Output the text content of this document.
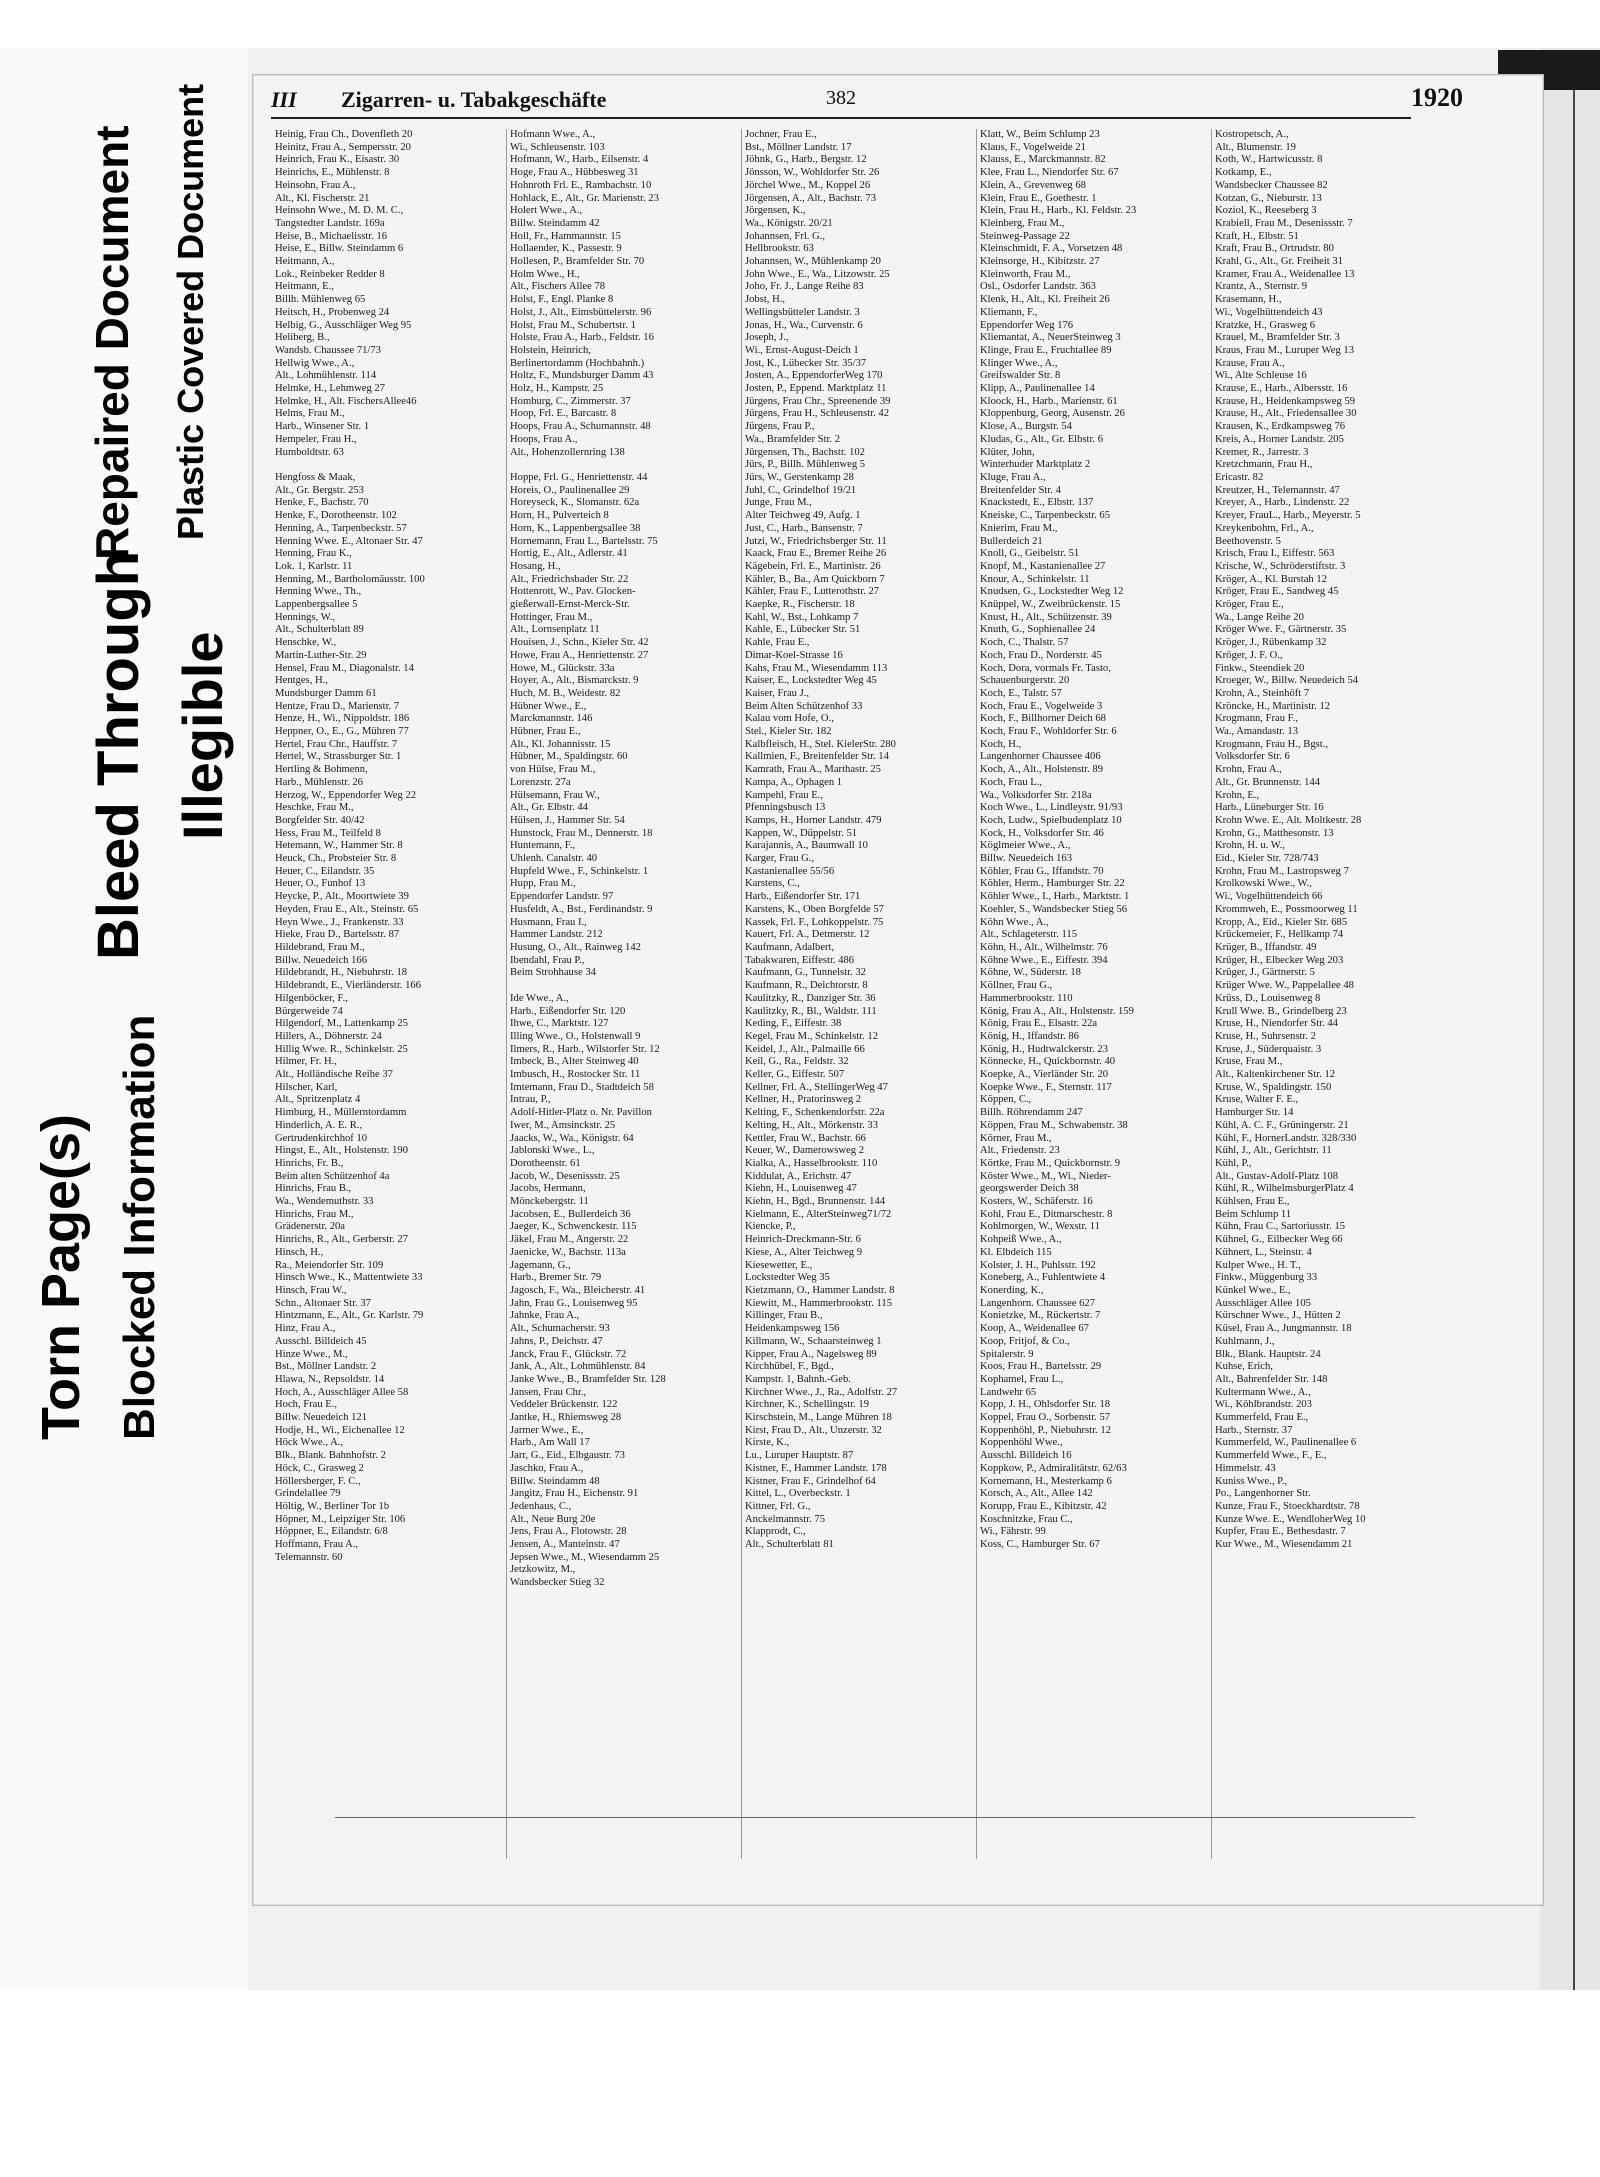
Torn Page(s) Blocked Information
Bleed Through Illegible
Repaired Document Plastic Covered Document	III Zigarren- u. Tabakgeschäfte	382	1920
Heinig, Frau Ch., Dovenfleth 20
Heinitz, Frau A., Sempersstr. 20
Heinrich, Frau K., Eisastr. 30
Heinrichs, E., Mühlenstr. 8
Heinsohn, Frau A.,
Alt., Kl. Fischerstr. 21
Heinsohn Wwe., M. D. M. C.,
Tangstedter Landstr. 169a
Heise, B., Michaelisstr. 16
Heise, E., Billw. Steindamm 6
Heitmann, A.,
Lok., Reinbeker Redder 8
Heitmann, E.,
Billh. Mühlenweg 65
Heitsch, H., Probenweg 24
Helbig, G., Ausschläger Weg 95
Heliberg, B.,
Wandsb. Chaussee 71/73
Hellwig Wwe., A.,
Alt., Lohmühlenstr. 114
Helmke, H., Lehmweg 27
Helmke, H., Alt. FischersAllee46
Helms, Frau M.,
Harb., Winsener Str. 1
Hempeler, Frau H.,
Humboldtstr. 63

Hengfoss & Maak,
Alt., Gr. Bergstr. 253
Henke, F., Bachstr. 70
Henke, F., Dorotheenstr. 102
Henning, A., Tarpenbeckstr. 57
Henning Wwe. E., Altonaer Str. 47
Henning, Frau K.,
Lok. 1, Karlstr. 11
Henning, M., Bartholomäusstr. 100
Henning Wwe., Th.,
Lappenbergsallee 5
Hennings, W.,
Alt., Schulterblatt 89
Henschke, W.,
Martin-Luther-Str. 29
Hensel, Frau M., Diagonalstr. 14
Hentges, H.,
Mundsburger Damm 61
Hentze, Frau D., Marienstr. 7
Henze, H., Wi., Nippoldstr. 186
Heppner, O., E., G., Mühren 77
Hertel, Frau Chr., Hauffstr. 7
Hertel, W., Strassburger Str. 1
Hertling & Bohmenn,
Harb., Mühlenstr. 26
Herzog, W., Eppendorfer Weg 22
Heschke, Frau M.,
Borgfelder Str. 40/42
Hess, Frau M., Teilfeld 8
Hetemann, W., Hammer Str. 8
Heuck, Ch., Probsteier Str. 8
Heuer, C., Eilandstr. 35
Heuer, O., Funhof 13
Heycke, P., Alt., Moortwiete 39
Heyden, Frau E., Alt., Steinstr. 65
Heyn Wwe., J., Frankenstr. 33
Hieke, Frau D., Bartelsstr. 87
Hildebrand, Frau M.,
Billw. Neuedeich 166
Hildebrandt, H., Niebuhrstr. 18
Hildebrandt, E., Vierländerstr. 166
Hilgenböcker, F.,
Bürgerweide 74
Hilgendorf, M., Lattenkamp 25
Hillers, A., Döhnerstr. 24
Hillig Wwe. R., Schinkelstr. 25
Hilmer, Fr. H.,
Alt., Holländische Reihe 37
Hilscher, Karl,
Alt., Spritzenplatz 4
Himburg, H., Müllerntordamm
Hinderlich, A. E. R.,
Gertrudenkirchhof 10
Hingst, E., Alt., Holstenstr. 190
Hinrichs, Fr. B.,
Beim alten Schützenhof 4a
Hinrichs, Frau B.,
Wa., Wendemuthstr. 33
Hinrichs, Frau M.,
Grädenerstr. 20a
Hinrichs, R., Alt., Gerberstr. 27
Hinsch, H.,
Ra., Meiendorfer Str. 109
Hinsch Wwe., K., Mattentwiete 33
Hinsch, Frau W.,
Schn., Altonaer Str. 37
Hintzmann, E., Alt., Gr. Karlstr. 79
Hinz, Frau A.,
Ausschl. Billdeich 45
Hinze Wwe., M.,
Bst., Möllner Landstr. 2
Hlawa, N., Repsoldstr. 14
Hoch, A., Ausschläger Allee 58
Hoch, Frau E.,
Billw. Neuedeich 121
Hodje, H., Wi., Eichenallee 12
Höck Wwe., A.,
Blk., Blank. Bahnhofstr. 2
Höck, C., Grasweg 2
Höllersberger, F. C.,
Grindelallee 79
Höltig, W., Berliner Tor 1b
Höpner, M., Leipziger Str. 106
Höppner, E., Eilandstr. 6/8
Hoffmann, Frau A.,
Telemannstr. 60
Hofmann Wwe., A.,
Wi., Schleusenstr. 103
Hofmann, W., Harb., Eilsenstr. 4
Hoge, Frau A., Hübbesweg 31
Hohnroth Frl. E., Rambachstr. 10
Hohlack, E., Alt., Gr. Marienstr. 23
Holert Wwe., A.,
Billw. Steindamm 42
Holl, Fr., Hammannstr. 15
Hollaender, K., Passestr. 9
Hollesen, P., Bramfelder Str. 70
Holm Wwe., H.,
Alt., Fischers Allee 78
Holst, F., Engl. Planke 8
Holst, J., Alt., Eimsbüttelerstr. 96
Holst, Frau M., Schubertstr. 1
Holste, Frau A., Harb., Feldstr. 16
Holstein, Heinrich,
Berlinertordamm (Hochbahnh.)
Holtz, F., Mundsburger Damm 43
Holz, H., Kampstr. 25
Homburg, C., Zimmerstr. 37
Hoop, Frl. E., Barcastr. 8
Hoops, Frau A., Schumannstr. 48
Hoops, Frau A.,
Alt., Hohenzollernring 138

Hoppe, Frl. G., Henriettenstr. 44
Horeis, O., Paulinenallee 29
Horeyseck, K., Slomanstr. 62a
Horn, H., Pulverteich 8
Horn, K., Lappenbergsallee 38
Hornemann, Frau L., Bartelsstr. 75
Hortig, E., Alt., Adlerstr. 41
Hosang, H.,
Alt., Friedrichsbader Str. 22
Hottenrott, W., Pav. Glocken-
gießerwall-Ernst-Merck-Str.
Hottinger, Frau M.,
Alt., Lornsenplatz 11
Houisen, J., Schn., Kieler Str. 42
Howe, Frau A., Henriettenstr. 27
Howe, M., Glückstr. 33a
Hoyer, A., Alt., Bismarckstr. 9
Huch, M. B., Weidestr. 82
Hübner Wwe., E.,
Marckmannstr. 146
Hübner, Frau E.,
Alt., Kl. Johannisstr. 15
Hübner, M., Spaldingstr. 60
von Hülse, Frau M.,
Lorenzstr. 27a
Hülsemann, Frau W.,
Alt., Gr. Elbstr. 44
Hülsen, J., Hammer Str. 54
Hunstock, Frau M., Dennerstr. 18
Huntemann, F.,
Uhlenh. Canalstr. 40
Hupfeld Wwe., F., Schinkelstr. 1
Hupp, Frau M.,
Eppendorfer Landstr. 97
Husfeldt, A., Bst., Ferdinandstr. 9
Husmann, Frau I.,
Hammer Landstr. 212
Husung, O., Alt., Rainweg 142
Ibendahl, Frau P.,
Beim Strohhause 34

Ide Wwe., A.,
Harb., Eißendorfer Str. 120
Ihwe, C., Marktstr. 127
Illing Wwe., O., Holstenwall 9
Ilmers, R., Harb., Wilstorfer Str. 12
Imbeck, B., Alter Steinweg 40
Imbusch, H., Rostocker Str. 11
Imtemann, Frau D., Stadtdeich 58
Intrau, P.,
Adolf-Hitler-Platz o. Nr. Pavillon
Iwer, M., Amsinckstr. 25
Jaacks, W., Wa., Königstr. 64
Jablonski Wwe., L.,
Dorotheenstr. 61
Jacob, W., Desenissstr. 25
Jacobs, Hermann,
Mönckebergstr. 11
Jacobsen, E., Bullerdeich 36
Jaeger, K., Schwenckestr. 115
Jäkel, Frau M., Angerstr. 22
Jaenicke, W., Bachstr. 113a
Jagemann, G.,
Harb., Bremer Str. 79
Jagosch, F., Wa., Bleicherstr. 41
Jahn, Frau G., Louisenweg 95
Jahnke, Frau A.,
Alt., Schumacherstr. 93
Jahns, P., Deichstr. 47
Janck, Frau F., Glückstr. 72
Jank, A., Alt., Lohmühlenstr. 84
Janke Wwe., B., Bramfelder Str. 128
Jansen, Frau Chr.,
Veddeler Brückenstr. 122
Jantke, H., Rhiemsweg 28
Jarmer Wwe., E.,
Harb., Am Wall 17
Jarr, G., Eid., Elbgaustr. 73
Jaschko, Frau A.,
Billw. Steindamm 48
Jangitz, Frau H., Eichenstr. 91
Jedenhaus, C.,
Alt., Neue Burg 20e
Jens, Frau A., Flotowstr. 28
Jensen, A., Manteinstr. 47
Jepsen Wwe., M., Wiesendamm 25
Jetzkowitz, M.,
Wandsbecker Stieg 32
Jochner, Frau E.,
Bst., Möllner Landstr. 17
Jöhnk, G., Harb., Bergstr. 12
Jönsson, W., Wohldorfer Str. 26
Jörchel Wwe., M., Koppel 26
Jörgensen, A., Alt., Bachstr. 73
Jörgensen, K.,
Wa., Königstr. 20/21
Johannsen, Frl. G.,
Hellbrookstr. 63
Johannsen, W., Mühlenkamp 20
John Wwe., E., Wa., Litzowstr. 25
Joho, Fr. J., Lange Reihe 83
Jobst, H.,
Wellingsbütteler Landstr. 3
Jonas, H., Wa., Curvenstr. 6
Joseph, J.,
Wi., Ernst-August-Deich 1
Jost, K., Lübecker Str. 35/37
Josten, A., EppendorferWeg 170
Josten, P., Eppend. Marktplatz 11
Jürgens, Frau Chr., Spreenende 39
Jürgens, Frau H., Schleusenstr. 42
Jürgens, Frau P.,
Wa., Bramfelder Str. 2
Jürgensen, Th., Bachstr. 102
Jürs, P., Billh. Mühlenweg 5
Jürs, W., Gerstenkamp 28
Juhl, C., Grindelhof 19/21
Junge, Frau M.,
Alter Teichweg 49, Aufg. 1
Just, C., Harb., Bansenstr. 7
Jutzi, W., Friedrichsberger Str. 11
Kaack, Frau E., Bremer Reihe 26
Kägebein, Frl. E., Martinistr. 26
Kähler, B., Ba., Am Quickborn 7
Kähler, Frau F., Lutterothstr. 27
Kaepke, R., Fischerstr. 18
Kahl, W., Bst., Lohkamp 7
Kahle, E., Lübecker Str. 51
Kahle, Frau E.,
Dimar-Koel-Strasse 16
Kahs, Frau M., Wiesendamm 113
Kaiser, E., Lockstedter Weg 45
Kaiser, Frau J.,
Beim Alten Schützenhof 33
Kalau vom Hofe, O.,
Stel., Kieler Str. 182
Kalbfleisch, H., Stel. KielerStr. 280
Kallmien, F., Breitenfelder Str. 14
Kamrath, Frau A., Marthastr. 25
Kampa, A., Ophagen 1
Kampehl, Frau E.,
Pfenningsbusch 13
Kamps, H., Horner Landstr. 479
Kappen, W., Düppelstr. 51
Karajannis, A., Baumwall 10
Karger, Frau G.,
Kastanienallee 55/56
Karstens, C.,
Harb., Eißendorfer Str. 171
Karstens, K., Oben Borgfelde 57
Kassek, Frl. F., Lohkoppelstr. 75
Kauert, Frl. A., Detmerstr. 12
Kaufmann, Adalbert,
Tabakwaren, Eiffestr. 486
Kaufmann, G., Tunnelstr. 32
Kaufmann, R., Deichtorstr. 8
Kaulitzky, R., Danziger Str. 36
Kaulitzky, R., Bl., Waldstr. 111
Keding, F., Eiffestr. 38
Kegel, Frau M., Schinkelstr. 12
Keidel, J., Alt., Palmaille 66
Keil, G., Ra., Feldstr. 32
Keller, G., Eiffestr. 507
Kellner, Frl. A., StellingerWeg 47
Kellner, H., Pratorinsweg 2
Kelting, F., Schenkendorfstr. 22a
Kelting, H., Alt., Mörkenstr. 33
Kettler, Frau W., Bachstr. 66
Keuer, W., Damerowsweg 2
Kialka, A., Hasselbrookstr. 110
Kiddulat, A., Erichstr. 47
Kiehn, H., Louisenweg 47
Kiehn, H., Bgd., Brunnenstr. 144
Kielmann, E., AlterSteinweg71/72
Kiencke, P.,
Heinrich-Dreckmann-Str. 6
Kiese, A., Alter Teichweg 9
Kiesewetter, E.,
Lockstedter Weg 35
Kietzmann, O., Hammer Landstr. 8
Kiewitt, M., Hammerbrookstr. 115
Killinger, Frau B.,
Heidenkampsweg 156
Killmann, W., Schaarsteinweg 1
Kipper, Frau A., Nagelsweg 89
Kirchhübel, F., Bgd.,
Kampstr. 1, Bahnh.-Geb.
Kirchner Wwe., J., Ra., Adolfstr. 27
Kirchner, K., Schellingstr. 19
Kirschstein, M., Lange Mühren 18
Kirst, Frau D., Alt., Unzerstr. 32
Kirste, K.,
Lu., Luruper Hauptstr. 87
Kistner, F., Hammer Landstr. 178
Kistner, Frau F., Grindelhof 64
Kittel, L., Overbeckstr. 1
Kittner, Frl. G.,
Anckelmannstr. 75
Klapprodt, C.,
Alt., Schulterblatt 81
Klatt, W., Beim Schlump 23
Klaus, F., Vogelweide 21
Klauss, E., Marckmannstr. 82
Klee, Frau L., Niendorfer Str. 67
Klein, A., Grevenweg 68
Klein, Frau E., Goethestr. 1
Klein, Frau H., Harb., Kl. Feldstr. 23
Kleinberg, Frau M.,
Steinweg-Passage 22
Kleinschmidt, F. A., Vorsetzen 48
Kleinsorge, H., Kibitzstr. 27
Kleinworth, Frau M.,
Osl., Osdorfer Landstr. 363
Klenk, H., Alt., Kl. Freiheit 26
Kliemann, F.,
Eppendorfer Weg 176
Kliemantat, A., NeuerSteinweg 3
Klinge, Frau E., Fruchtallee 89
Klinger Wwe., A.,
Greifswalder Str. 8
Klipp, A., Paulinenallee 14
Kloock, H., Harb., Marienstr. 61
Kloppenburg, Georg, Ausenstr. 26
Klose, A., Burgstr. 54
Kludas, G., Alt., Gr. Elbstr. 6
Klüter, John,
Winterhuder Marktplatz 2
Kluge, Frau A.,
Breitenfelder Str. 4
Knackstedt, E., Elbstr. 137
Kneiske, C., Tarpenbeckstr. 65
Knierim, Frau M.,
Bullerdeich 21
Knoll, G., Geibelstr. 51
Knopf, M., Kastanienallee 27
Knour, A., Schinkelstr. 11
Knudsen, G., Lockstedter Weg 12
Knüppel, W., Zweibrückenstr. 15
Knust, H., Alt., Schützenstr. 39
Knuth, G., Sophienallee 24
Koch, C., Thalstr. 57
Koch, Frau D., Norderstr. 45
Koch, Dora, vormals Fr. Tasto,
Schauenburgerstr. 20
Koch, E., Talstr. 57
Koch, Frau E., Vogelweide 3
Koch, F., Billhorner Deich 68
Koch, Frau F., Wohldorfer Str. 6
Koch, H.,
Langenhorner Chaussee 406
Koch, A., Alt., Holstenstr. 89
Koch, Frau L.,
Wa., Volksdorfer Str. 218a
Koch Wwe., L., Lindleystr. 91/93
Koch, Ludw., Spielbudenplatz 10
Kock, H., Volksdorfer Str. 46
Köglmeier Wwe., A.,
Billw. Neuedeich 163
Köhler, Frau G., Iffandstr. 70
Köhler, Herm., Hamburger Str. 22
Köhler Wwe., I., Harb., Marktstr. 1
Koehler, S., Wandsbecker Stieg 56
Köhn Wwe., A.,
Alt., Schlageterstr. 115
Köhn, H., Alt., Wilhelmstr. 76
Köhne Wwe., E., Eiffestr. 394
Köhne, W., Süderstr. 18
Köllner, Frau G.,
Hammerbrookstr. 110
König, Frau A., Alt., Holstenstr. 159
König, Frau E., Elsastr. 22a
König, H., Iffandstr. 86
König, H., Hudtwalckerstr. 23
Könnecke, H., Quickbornstr. 40
Koepke, A., Vierländer Str. 20
Koepke Wwe., F., Sternstr. 117
Köppen, C.,
Billh. Röhrendamm 247
Köppen, Frau M., Schwabenstr. 38
Körner, Frau M.,
Alt., Friedenstr. 23
Körtke, Frau M., Quickbornstr. 9
Köster Wwe., M., Wi., Nieder-
georgswerder Deich 38
Kosters, W., Schäferstr. 16
Kohl, Frau E., Ditmarschestr. 8
Kohlmorgen, W., Wexstr. 11
Kohpeiß Wwe., A.,
Kl. Elbdeich 115
Kolster, J. H., Puhlsstr. 192
Koneberg, A., Fuhlentwiete 4
Konerding, K.,
Langenhorn. Chaussee 627
Konietzke, M., Rückertstr. 7
Koop, A., Weidenallee 67
Koop, Fritjof, & Co.,
Spitalerstr. 9
Koos, Frau H., Bartelsstr. 29
Kophamel, Frau L.,
Landwehr 65
Kopp, J. H., Ohlsdorfer Str. 18
Koppel, Frau O., Sorbenstr. 57
Koppenhöhl, P., Niebuhrstr. 12
Koppenhöhl Wwe.,
Ausschl. Billdeich 16
Koppkow, P., Admiralitätstr. 62/63
Kornemann, H., Mesterkamp 6
Korsch, A., Alt., Allee 142
Korupp, Frau E., Kibitzstr. 42
Koschnitzke, Frau C.,
Wi., Fährstr. 99
Koss, C., Hamburger Str. 67
Kostropetsch, A.,
Alt., Blumenstr. 19
Koth, W., Hartwicusstr. 8
Kotkamp, E.,
Wandsbecker Chaussee 82
Kotzan, G., Nieburstr. 13
Koziol, K., Reeseberg 3
Krabiell, Frau M., Desenissstr. 7
Kraft, H., Elbstr. 51
Kraft, Frau B., Ortrudstr. 80
Krahl, G., Alt., Gr. Freiheit 31
Kramer, Frau A., Weidenallee 13
Krantz, A., Sternstr. 9
Krasemann, H.,
Wi., Vogelhüttendeich 43
Kratzke, H., Grasweg 6
Krauel, M., Bramfelder Str. 3
Kraus, Frau M., Luruper Weg 13
Krause, Frau A.,
Wi., Alte Schleuse 16
Krause, E., Harb., Albersstr. 16
Krause, H., Heidenkampsweg 59
Krause, H., Alt., Friedensallee 30
Krausen, K., Erdkampsweg 76
Kreis, A., Horner Landstr. 205
Kremer, R., Jarrestr. 3
Kretzchmann, Frau H.,
Ericastr. 82
Kreutzer, H., Telemannstr. 47
Kreyer, A., Harb., Lindenstr. 22
Kreyer, FrauL., Harb., Meyerstr. 5
Kreykenbohm, Frl., A.,
Beethovenstr. 5
Krisch, Frau I., Eiffestr. 563
Krische, W., Schröderstiftstr. 3
Kröger, A., Kl. Burstah 12
Kröger, Frau E., Sandweg 45
Kröger, Frau E.,
Wa., Lange Reihe 20
Kröger Wwe. F., Gärtnerstr. 35
Kröger, J., Rübenkamp 32
Kröger, J. F. O.,
Finkw., Steendiek 20
Kroeger, W., Billw. Neuedeich 54
Krohn, A., Steinhöft 7
Kröncke, H., Martinistr. 12
Krogmann, Frau F.,
Wa., Amandastr. 13
Krogmann, Frau H., Bgst.,
Volksdorfer Str. 6
Krohn, Frau A.,
Alt., Gr. Brunnenstr. 144
Krohn, E.,
Harb., Lüneburger Str. 16
Krohn Wwe. E., Alt. Moltkestr. 28
Krohn, G., Matthesonstr. 13
Krohn, H. u. W.,
Eid., Kieler Str. 728/743
Krohn, Frau M., Lastropsweg 7
Krolkowski Wwe., W.,
Wi., Vogelhüttendeich 66
Krommweh, E., Possmoorweg 11
Kropp, A., Eid., Kieler Str. 685
Krückemeier, F., Hellkamp 74
Krüger, B., Iffandstr. 49
Krüger, H., Elbecker Weg 203
Krüger, J., Gärtnerstr. 5
Krüger Wwe. W., Pappelallee 48
Krüss, D., Louisenweg 8
Krull Wwe. B., Grindelberg 23
Kruse, H., Niendorfer Str. 44
Kruse, H., Suhrsenstr. 2
Kruse, J., Süderquaistr. 3
Kruse, Frau M.,
Alt., Kaltenkirchener Str. 12
Kruse, W., Spaldingstr. 150
Kruse, Walter F. E.,
Hamburger Str. 14
Kühl, A. C. F., Grüningerstr. 21
Kühl, F., HornerLandstr. 328/330
Kühl, J., Alt., Gerichtstr. 11
Kühl, P.,
Alt., Gustav-Adolf-Platz 108
Kühl, R., WilhelmsburgerPlatz 4
Kühlsen, Frau E.,
Beim Schlump 11
Kühn, Frau C., Sartoriusstr. 15
Kühnel, G., Eilbecker Weg 66
Kühnert, L., Steinstr. 4
Kulper Wwe., H. T.,
Finkw., Müggenburg 33
Künkel Wwe., E.,
Ausschläger Allee 105
Kürschner Wwe., J., Hütten 2
Küsel, Frau A., Jungmannstr. 18
Kuhlmann, J.,
Blk., Blank. Hauptstr. 24
Kuhse, Erich,
Alt., Bahrenfelder Str. 148
Kultermann Wwe., A.,
Wi., Köhlbrandstr. 203
Kummerfeld, Frau E.,
Harb., Sternstr. 37
Kummerfeld, W., Paulinenallee 6
Kummerfeld Wwe., F., E.,
Himmelstr. 43
Kuniss Wwe., P.,
Po., Langenhorner Str.
Kunze, Frau F., Stoeckhardtstr. 78
Kunze Wwe. E., WendloherWeg 10
Kupfer, Frau E., Bethesdastr. 7
Kur Wwe., M., Wiesendamm 21
